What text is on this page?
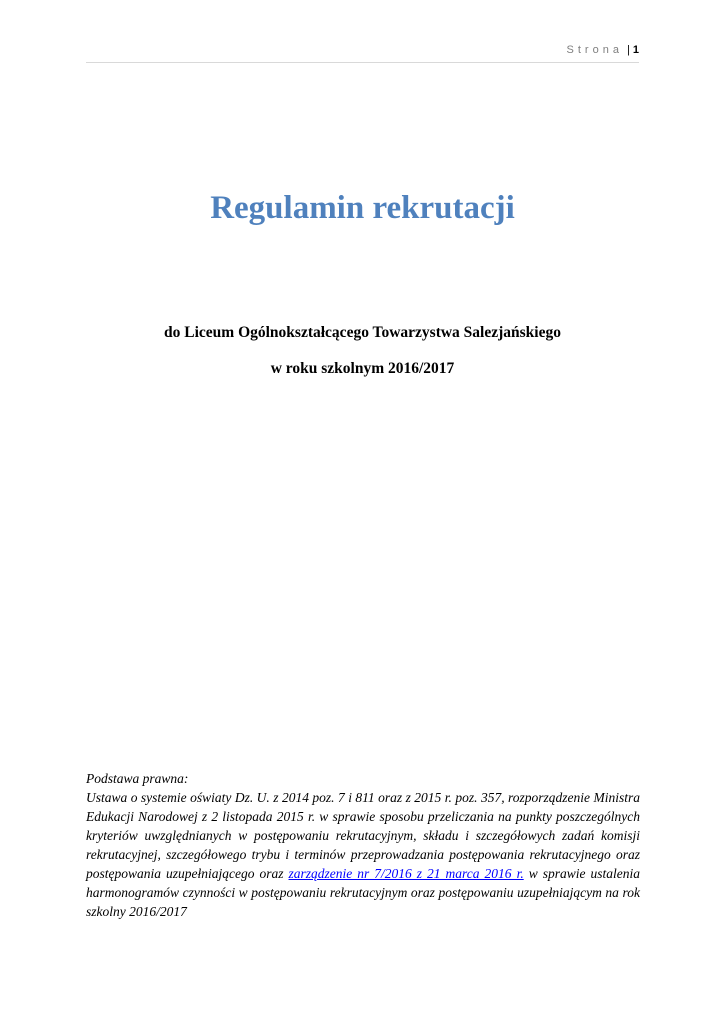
Strona | 1
Regulamin rekrutacji
do Liceum Ogólnokształcącego Towarzystwa Salezjańskiego
w roku szkolnym 2016/2017
Podstawa prawna:
Ustawa o systemie oświaty Dz. U. z 2014 poz. 7 i 811 oraz z 2015 r. poz. 357, rozporządzenie Ministra Edukacji Narodowej z 2 listopada 2015 r. w sprawie sposobu przeliczania na punkty poszczególnych kryteriów uwzględnianych w postępowaniu rekrutacyjnym, składu i szczegółowych zadań komisji rekrutacyjnej, szczegółowego trybu i terminów przeprowadzania postępowania rekrutacyjnego oraz postępowania uzupełniającego oraz zarządzenie nr 7/2016 z 21 marca 2016 r. w sprawie ustalenia harmonogramów czynności w postępowaniu rekrutacyjnym oraz postępowaniu uzupełniającym na rok szkolny 2016/2017
